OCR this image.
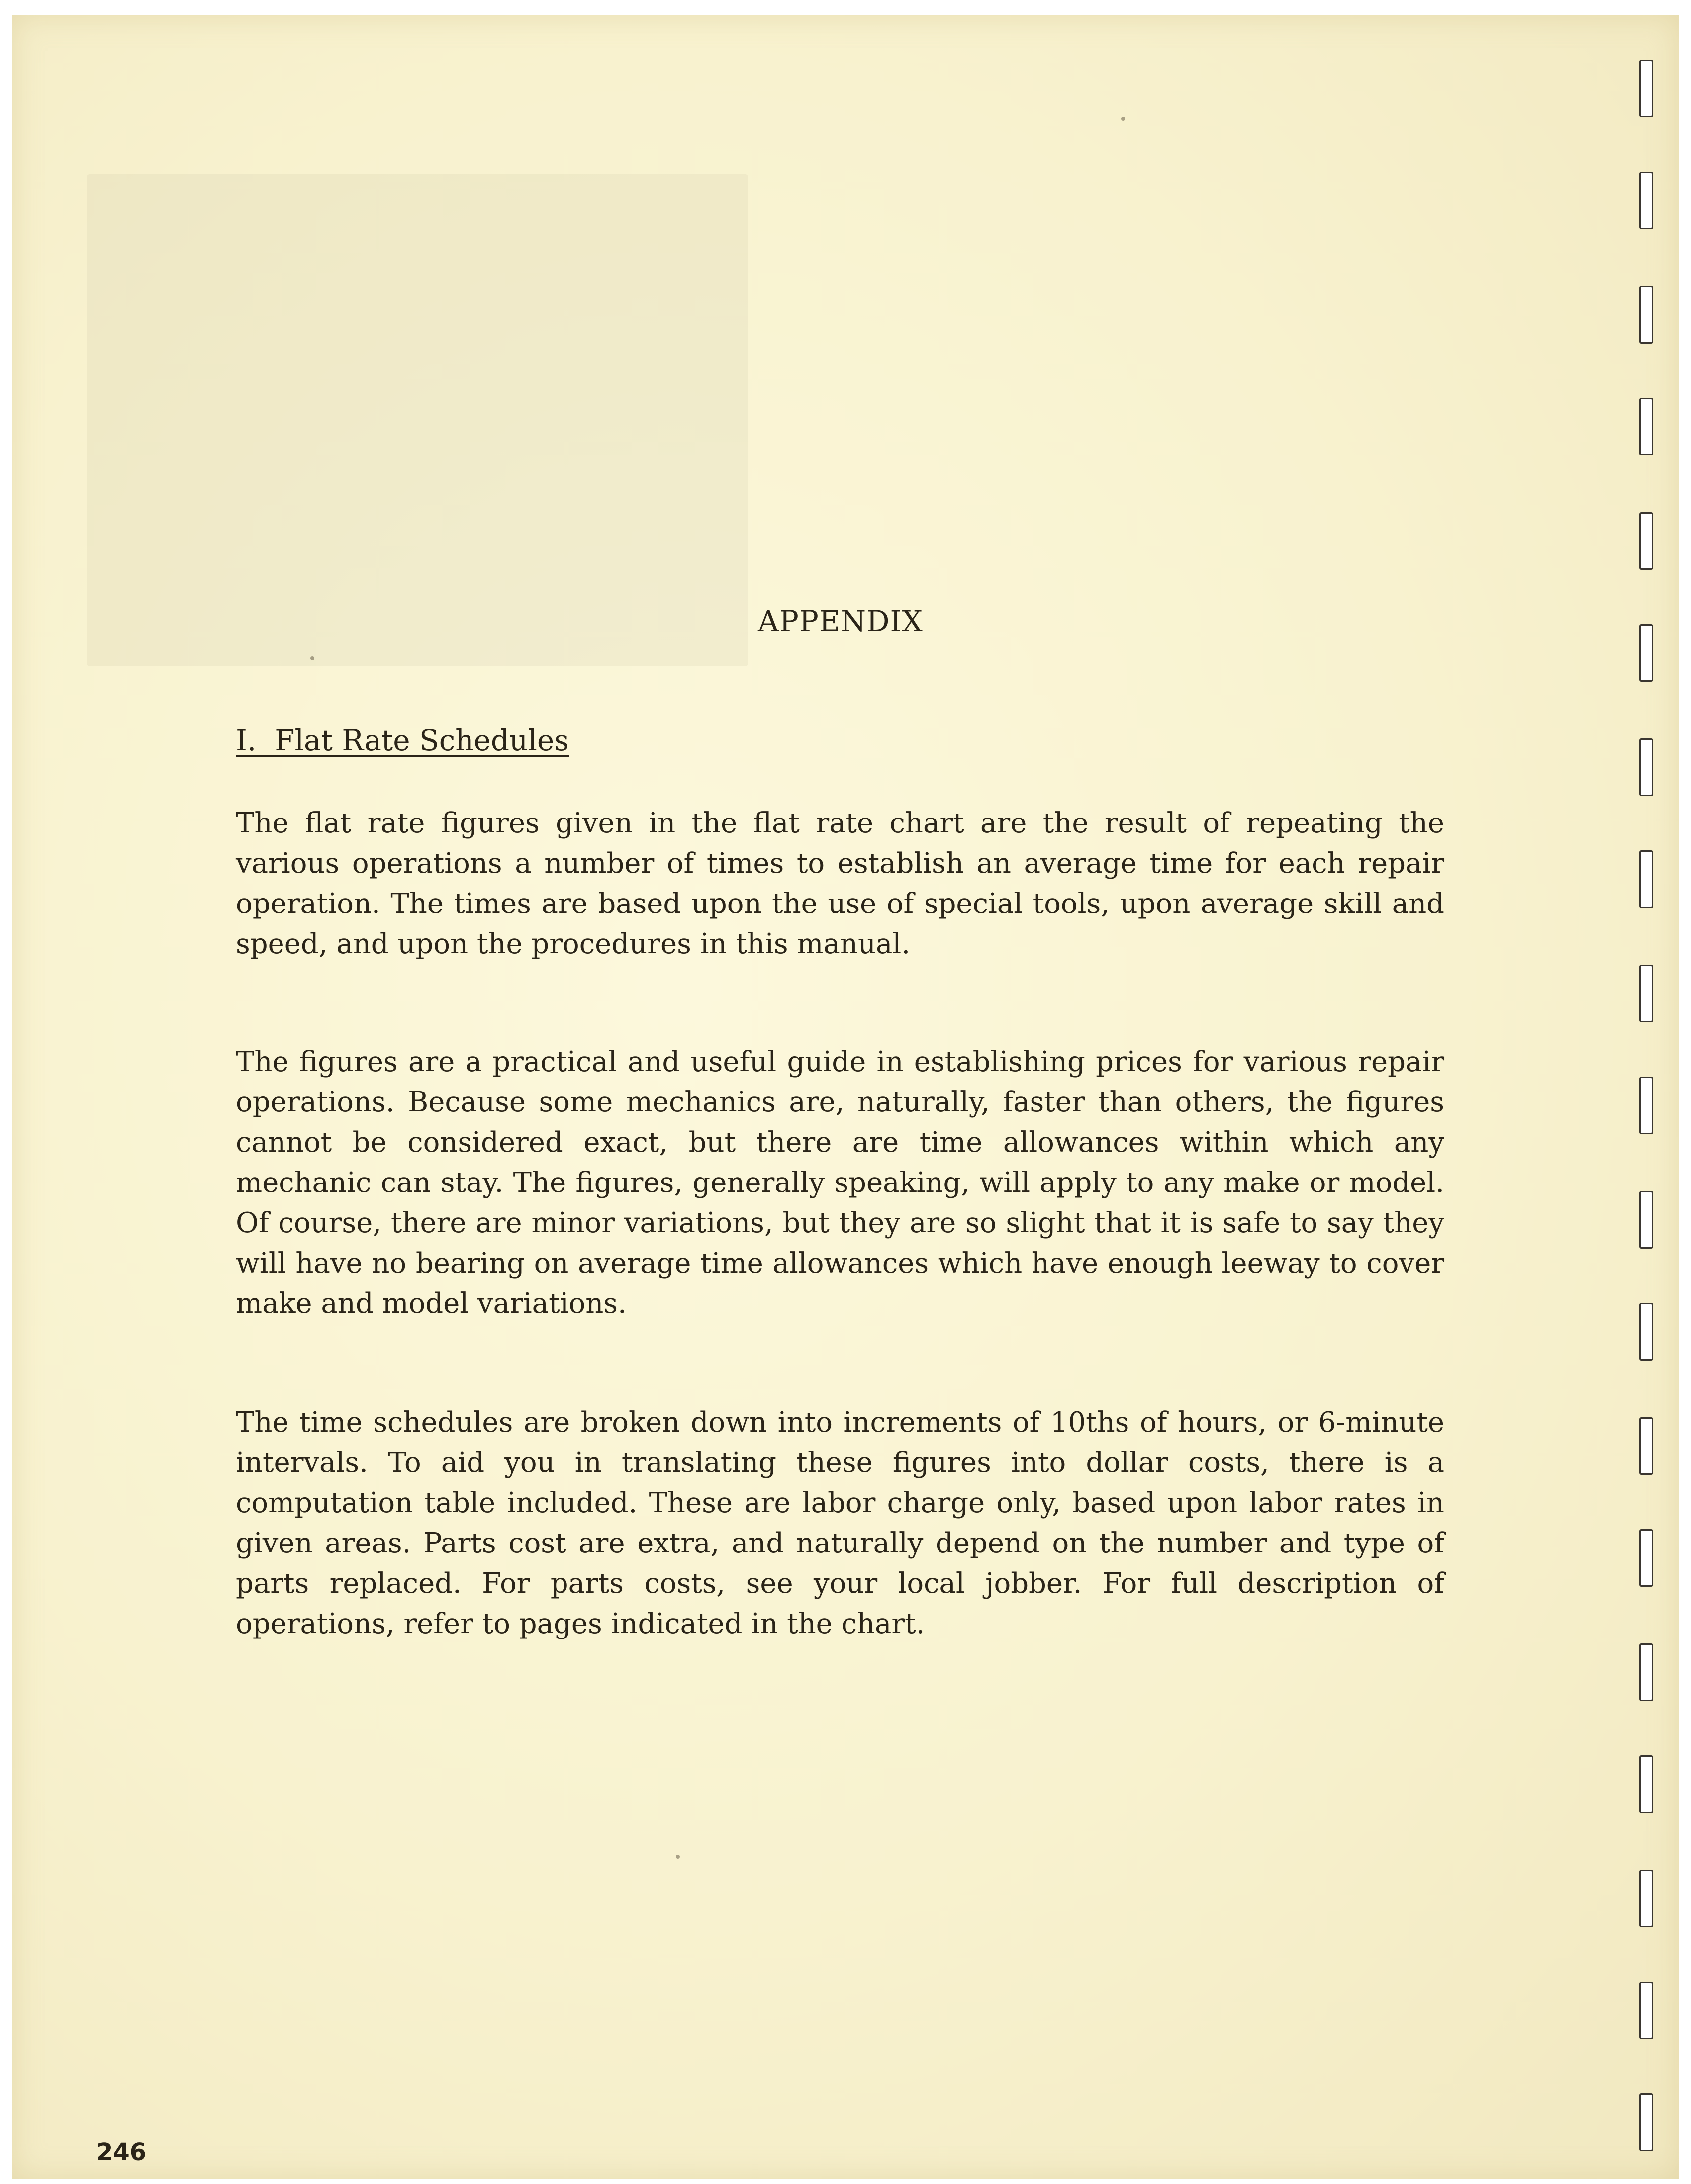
APPENDIX
I.  Flat Rate Schedules

The flat rate figures given in the flat rate chart are the result of repeating the various operations a number of times to establish an average time for each repair operation. The times are based upon the use of special tools, upon average skill and speed, and upon the procedures in this manual.

The figures are a practical and useful guide in establishing prices for various repair operations. Because some mechanics are, naturally, faster than others, the figures cannot be considered exact, but there are time allowances within which any mechanic can stay. The figures, generally speaking, will apply to any make or model. Of course, there are minor variations, but they are so slight that it is safe to say they will have no bearing on average time allowances which have enough leeway to cover make and model variations.

The time schedules are broken down into increments of 10ths of hours, or 6-minute intervals. To aid you in translating these figures into dollar costs, there is a computation table included. These are labor charge only, based upon labor rates in given areas. Parts cost are extra, and naturally depend on the number and type of parts replaced. For parts costs, see your local jobber. For full description of operations, refer to pages indicated in the chart.

246
